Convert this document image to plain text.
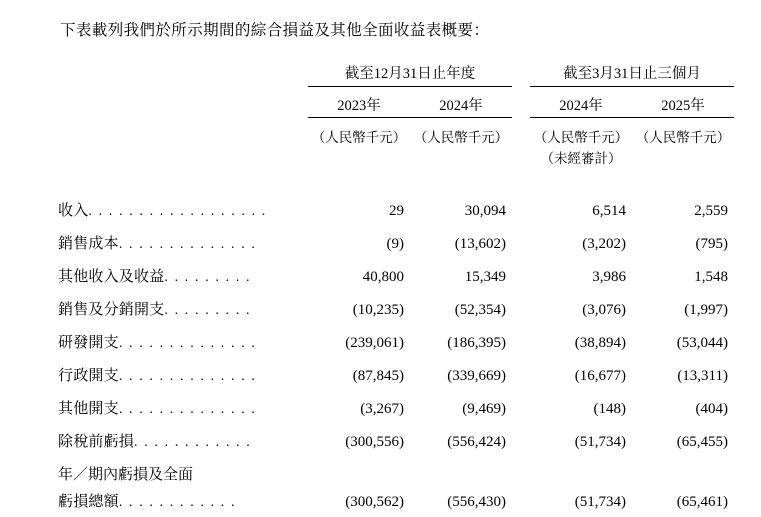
下表載列我們於所示期間的綜合損益及其他全面收益表概要：
	截至12月31日止年度			截至3月31日止三個月	

	2023年	2024年		2024年	2025年

	（人民幣千元）	（人民幣千元）		（人民幣千元）	（人民幣千元）
				（未經審計）	

收入. . . . . . . . . . . . . . . . . .	29	30,094		6,514	2,559
銷售成本. . . . . . . . . . . . . .	(9)	(13,602)		(3,202)	(795)
其他收入及收益. . . . . . . . .	40,800	15,349		3,986	1,548
銷售及分銷開支. . . . . . . . .	(10,235)	(52,354)		(3,076)	(1,997)
研發開支. . . . . . . . . . . . . .	(239,061)	(186,395)		(38,894)	(53,044)
行政開支. . . . . . . . . . . . . .	(87,845)	(339,669)		(16,677)	(13,311)
其他開支. . . . . . . . . . . . . .	(3,267)	(9,469)		(148)	(404)
除稅前虧損. . . . . . . . . . . .	(300,556)	(556,424)		(51,734)	(65,455)
年／期內虧損及全面					
虧損總額. . . . . . . . . . . .	(300,562)	(556,430)		(51,734)	(65,461)
